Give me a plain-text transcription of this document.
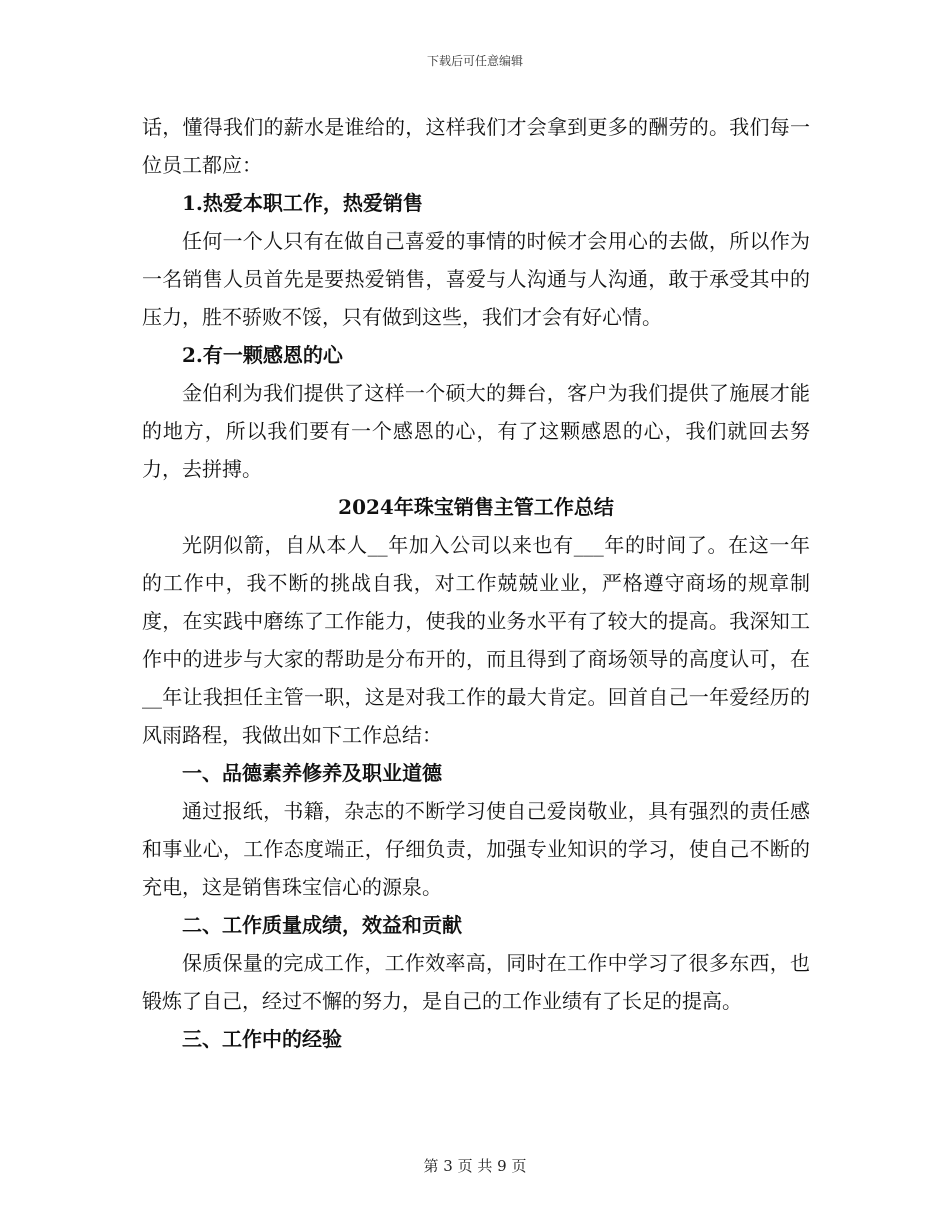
下载后可任意编辑

话，懂得我们的薪水是谁给的，这样我们才会拿到更多的酬劳的。我们每一位员工都应：

1.热爱本职工作，热爱销售

任何一个人只有在做自己喜爱的事情的时候才会用心的去做，所以作为一名销售人员首先是要热爱销售，喜爱与人沟通与人沟通，敢于承受其中的压力，胜不骄败不馁，只有做到这些，我们才会有好心情。

2.有一颗感恩的心

金伯利为我们提供了这样一个硕大的舞台，客户为我们提供了施展才能的地方，所以我们要有一个感恩的心，有了这颗感恩的心，我们就回去努力，去拼搏。

2024年珠宝销售主管工作总结

光阴似箭，自从本人__年加入公司以来也有___年的时间了。在这一年的工作中，我不断的挑战自我，对工作兢兢业业，严格遵守商场的规章制度，在实践中磨练了工作能力，使我的业务水平有了较大的提高。我深知工作中的进步与大家的帮助是分布开的，而且得到了商场领导的高度认可，在__年让我担任主管一职，这是对我工作的最大肯定。回首自己一年爱经历的风雨路程，我做出如下工作总结：

一、品德素养修养及职业道德

通过报纸，书籍，杂志的不断学习使自己爱岗敬业，具有强烈的责任感和事业心，工作态度端正，仔细负责，加强专业知识的学习，使自己不断的充电，这是销售珠宝信心的源泉。

二、工作质量成绩，效益和贡献

保质保量的完成工作，工作效率高，同时在工作中学习了很多东西，也锻炼了自己，经过不懈的努力，是自己的工作业绩有了长足的提高。

三、工作中的经验

第 3 页 共 9 页
